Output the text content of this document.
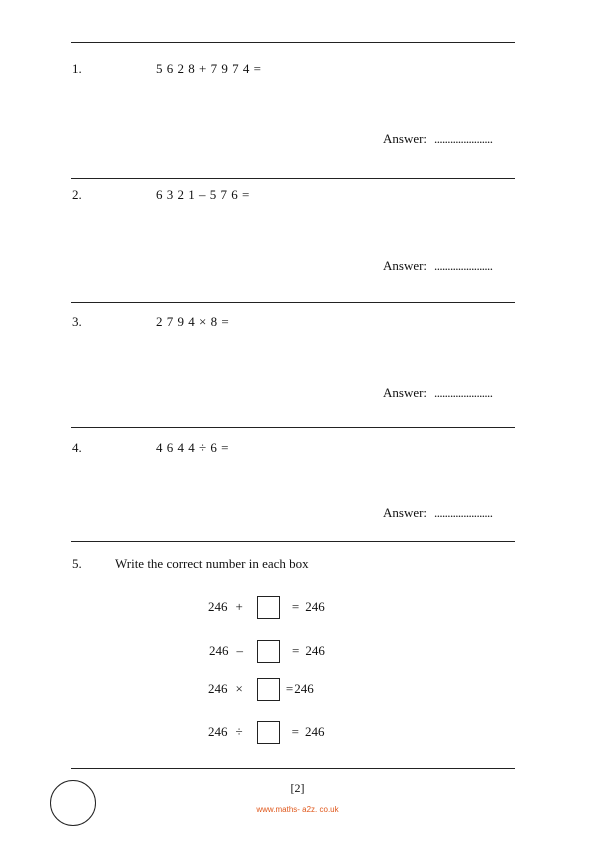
1.	5 6 2 8 + 7 9 7 4 =
Answer: ......................
2.	6 3 2 1 – 5 7 6 =
Answer: ......................
3.	2 7 9 4 × 8 =
Answer: ......................
4.	4 6 4 4 ÷ 6 =
Answer: ......................
5.	Write the correct number in each box
246 +	= 246
246 –	= 246
246 ×	= 246
246 ÷	= 246
[2]
www.maths- a2z. co.uk
